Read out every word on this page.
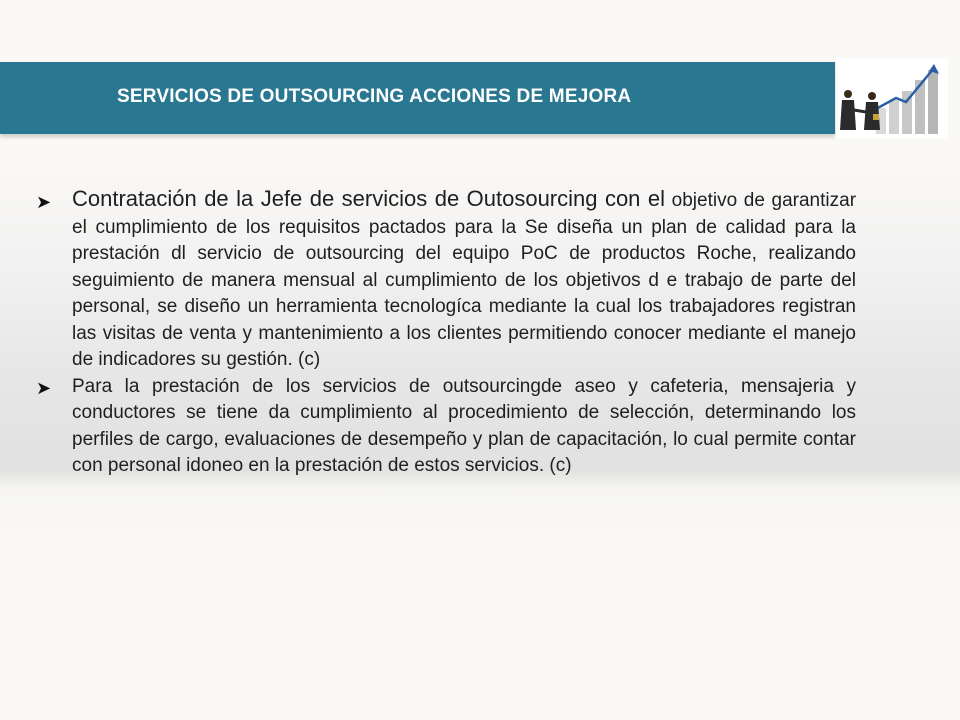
SERVICIOS DE OUTSOURCING ACCIONES DE MEJORA
➤ Contratación de la Jefe de servicios de Outosourcing con el objetivo de garantizar el cumplimiento de los requisitos pactados para la Se diseña un plan de calidad para la prestación dl servicio de outsourcing del equipo PoC de productos Roche, realizando seguimiento de manera mensual al cumplimiento de los objetivos d e trabajo de parte del personal, se diseño un herramienta tecnologíca mediante la cual los trabajadores registran las visitas de venta y mantenimiento a los clientes permitiendo conocer mediante el manejo de indicadores su gestión. (c)
➤	Para la prestación de los servicios de outsourcingde aseo y cafeteria, mensajeria y conductores se tiene da cumplimiento al procedimiento de selección, determinando los perfiles de cargo, evaluaciones de desempeño y plan de capacitación, lo cual permite contar con personal idoneo en la prestación de estos servicios. (c)
